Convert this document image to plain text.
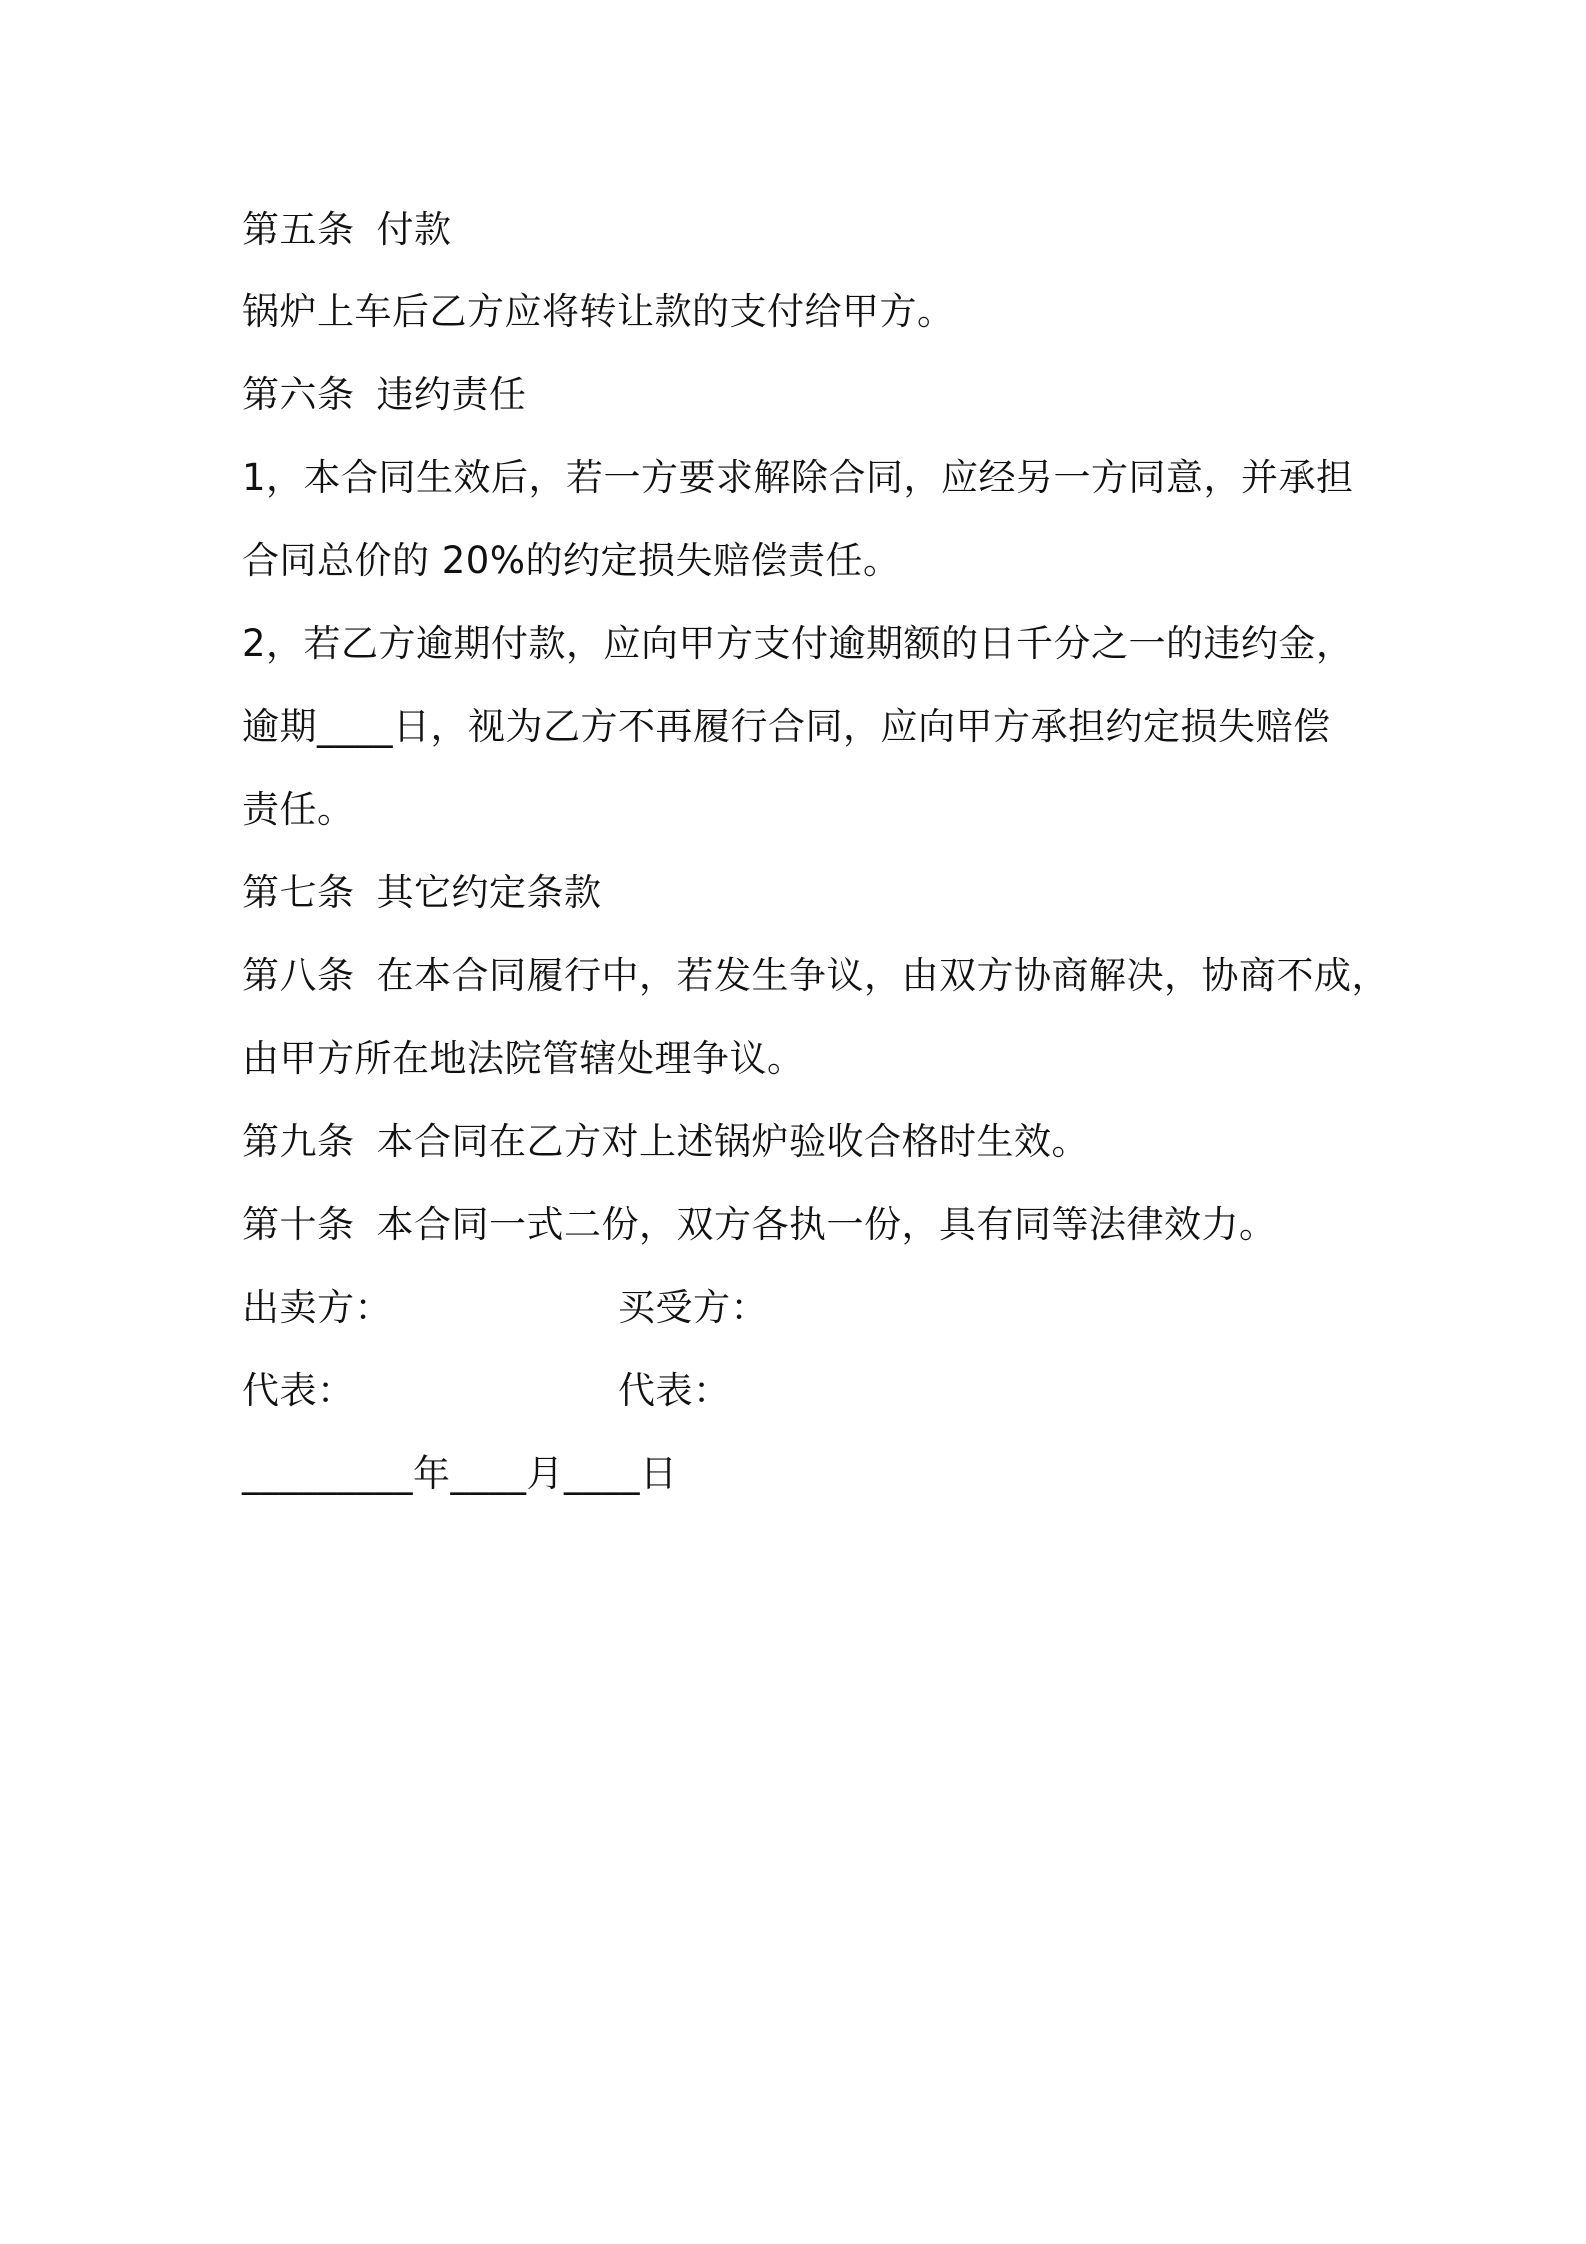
第五条 付款
锅炉上车后乙方应将转让款的支付给甲方。
第六条 违约责任
1，本合同生效后，若一方要求解除合同，应经另一方同意，并承担
合同总价的 20%的约定损失赔偿责任。
2，若乙方逾期付款，应向甲方支付逾期额的日千分之一的违约金，
逾期____日，视为乙方不再履行合同，应向甲方承担约定损失赔偿
责任。
第七条 其它约定条款
第八条 在本合同履行中，若发生争议，由双方协商解决，协商不成，
由甲方所在地法院管辖处理争议。
第九条 本合同在乙方对上述锅炉验收合格时生效。
第十条 本合同一式二份，双方各执一份，具有同等法律效力。
出卖方：	买受方：
代表：	代表：
_________年____月____日
